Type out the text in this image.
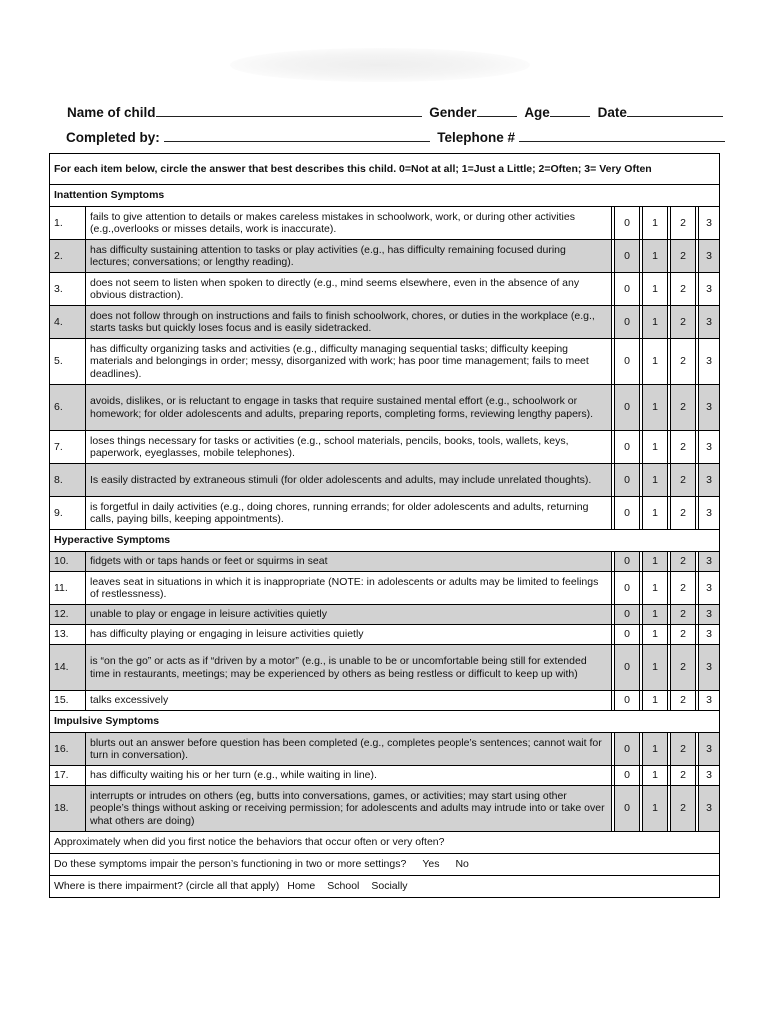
Name of child	Gender	Age	Date
Completed by:	Telephone #
For each item below, circle the answer that best describes this child. 0=Not at all; 1=Just a Little; 2=Often; 3= Very Often									
Inattention Symptoms									
1.	fails to give attention to details or makes careless mistakes in schoolwork, work, or during other activities (e.g.,overlooks or misses details, work is inaccurate).		0		1		2		3
2.	has difficulty sustaining attention to tasks or play activities (e.g., has difficulty remaining focused during lectures; conversations; or lengthy reading).		0		1		2		3
3.	does not seem to listen when spoken to directly (e.g., mind seems elsewhere, even in the absence of any obvious distraction).		0		1		2		3
4.	does not follow through on instructions and fails to finish schoolwork, chores, or duties in the workplace (e.g., starts tasks but quickly loses focus and is easily sidetracked.		0		1		2		3
5.	has difficulty organizing tasks and activities (e.g., difficulty managing sequential tasks; difficulty keeping materials and belongings in order; messy, disorganized with work; has poor time management; fails to meet deadlines).		0		1		2		3
6.	avoids, dislikes, or is reluctant to engage in tasks that require sustained mental effort (e.g., schoolwork or homework; for older adolescents and adults, preparing reports, completing forms, reviewing lengthy papers).		0		1		2		3
7.	loses things necessary for tasks or activities (e.g., school materials, pencils, books, tools, wallets, keys, paperwork, eyeglasses, mobile telephones).		0		1		2		3
8.	Is easily distracted by extraneous stimuli (for older adolescents and adults, may include unrelated thoughts).		0		1		2		3
9.	is forgetful in daily activities (e.g., doing chores, running errands; for older adolescents and adults, returning calls, paying bills, keeping appointments).		0		1		2		3
Hyperactive Symptoms									
10.	fidgets with or taps hands or feet or squirms in seat		0		1		2		3
11.	leaves seat in situations in which it is inappropriate (NOTE: in adolescents or adults may be limited to feelings of restlessness).		0		1		2		3
12.	unable to play or engage in leisure activities quietly		0		1		2		3
13.	has difficulty playing or engaging in leisure activities quietly		0		1		2		3
14.	is “on the go” or acts as if “driven by a motor” (e.g., is unable to be or uncomfortable being still for extended time in restaurants, meetings; may be experienced by others as being restless or difficult to keep up with)		0		1		2		3
15.	talks excessively		0		1		2		3
Impulsive Symptoms									
16.	blurts out an answer before question has been completed (e.g., completes people’s sentences; cannot wait for turn in conversation).		0		1		2		3
17.	has difficulty waiting his or her turn (e.g., while waiting in line).		0		1		2		3
18.	interrupts or intrudes on others (eg, butts into conversations, games, or activities; may start using other people’s things without asking or receiving permission; for adolescents and adults may intrude into or take over what others are doing)		0		1		2		3
Approximately when did you first notice the behaviors that occur often or very often?									
Do these symptoms impair the person’s functioning in two or more settings? Yes No									
Where is there impairment? (circle all that apply) Home School Socially									
